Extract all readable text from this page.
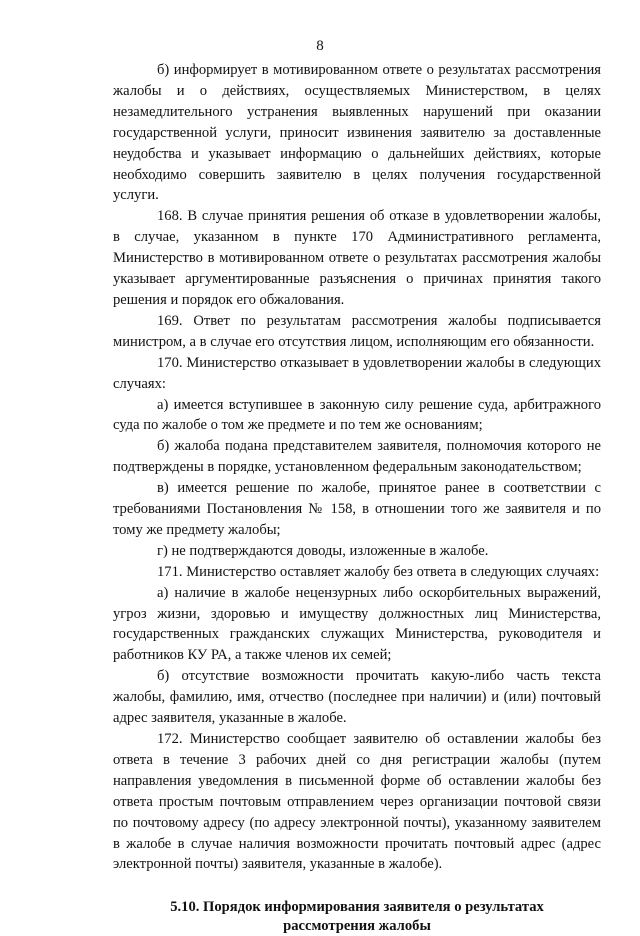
8

б) информирует в мотивированном ответе о результатах рассмотрения жалобы и о действиях, осуществляемых Министерством, в целях незамедлительного устранения выявленных нарушений при оказании государственной услуги, приносит извинения заявителю за доставленные неудобства и указывает информацию о дальнейших действиях, которые необходимо совершить заявителю в целях получения государственной услуги.

168. В случае принятия решения об отказе в удовлетворении жалобы, в случае, указанном в пункте 170 Административного регламента, Министерство в мотивированном ответе о результатах рассмотрения жалобы указывает аргументированные разъяснения о причинах принятия такого решения и порядок его обжалования.

169. Ответ по результатам рассмотрения жалобы подписывается министром, а в случае его отсутствия лицом, исполняющим его обязанности.

170. Министерство отказывает в удовлетворении жалобы в следующих случаях:

а) имеется вступившее в законную силу решение суда, арбитражного суда по жалобе о том же предмете и по тем же основаниям;

б) жалоба подана представителем заявителя, полномочия которого не подтверждены в порядке, установленном федеральным законодательством;

в) имеется решение по жалобе, принятое ранее в соответствии с требованиями Постановления № 158, в отношении того же заявителя и по тому же предмету жалобы;

г) не подтверждаются доводы, изложенные в жалобе.

171. Министерство оставляет жалобу без ответа в следующих случаях:

а) наличие в жалобе нецензурных либо оскорбительных выражений, угроз жизни, здоровью и имуществу должностных лиц Министерства, государственных гражданских служащих Министерства, руководителя и работников КУ РА, а также членов их семей;

б) отсутствие возможности прочитать какую-либо часть текста жалобы, фамилию, имя, отчество (последнее при наличии) и (или) почтовый адрес заявителя, указанные в жалобе.

172. Министерство сообщает заявителю об оставлении жалобы без ответа в течение 3 рабочих дней со дня регистрации жалобы (путем направления уведомления в письменной форме об оставлении жалобы без ответа простым почтовым отправлением через организации почтовой связи по почтовому адресу (по адресу электронной почты), указанному заявителем в жалобе в случае наличия возможности прочитать почтовый адрес (адрес электронной почты) заявителя, указанные в жалобе).

5.10. Порядок информирования заявителя о результатах
рассмотрения жалобы
